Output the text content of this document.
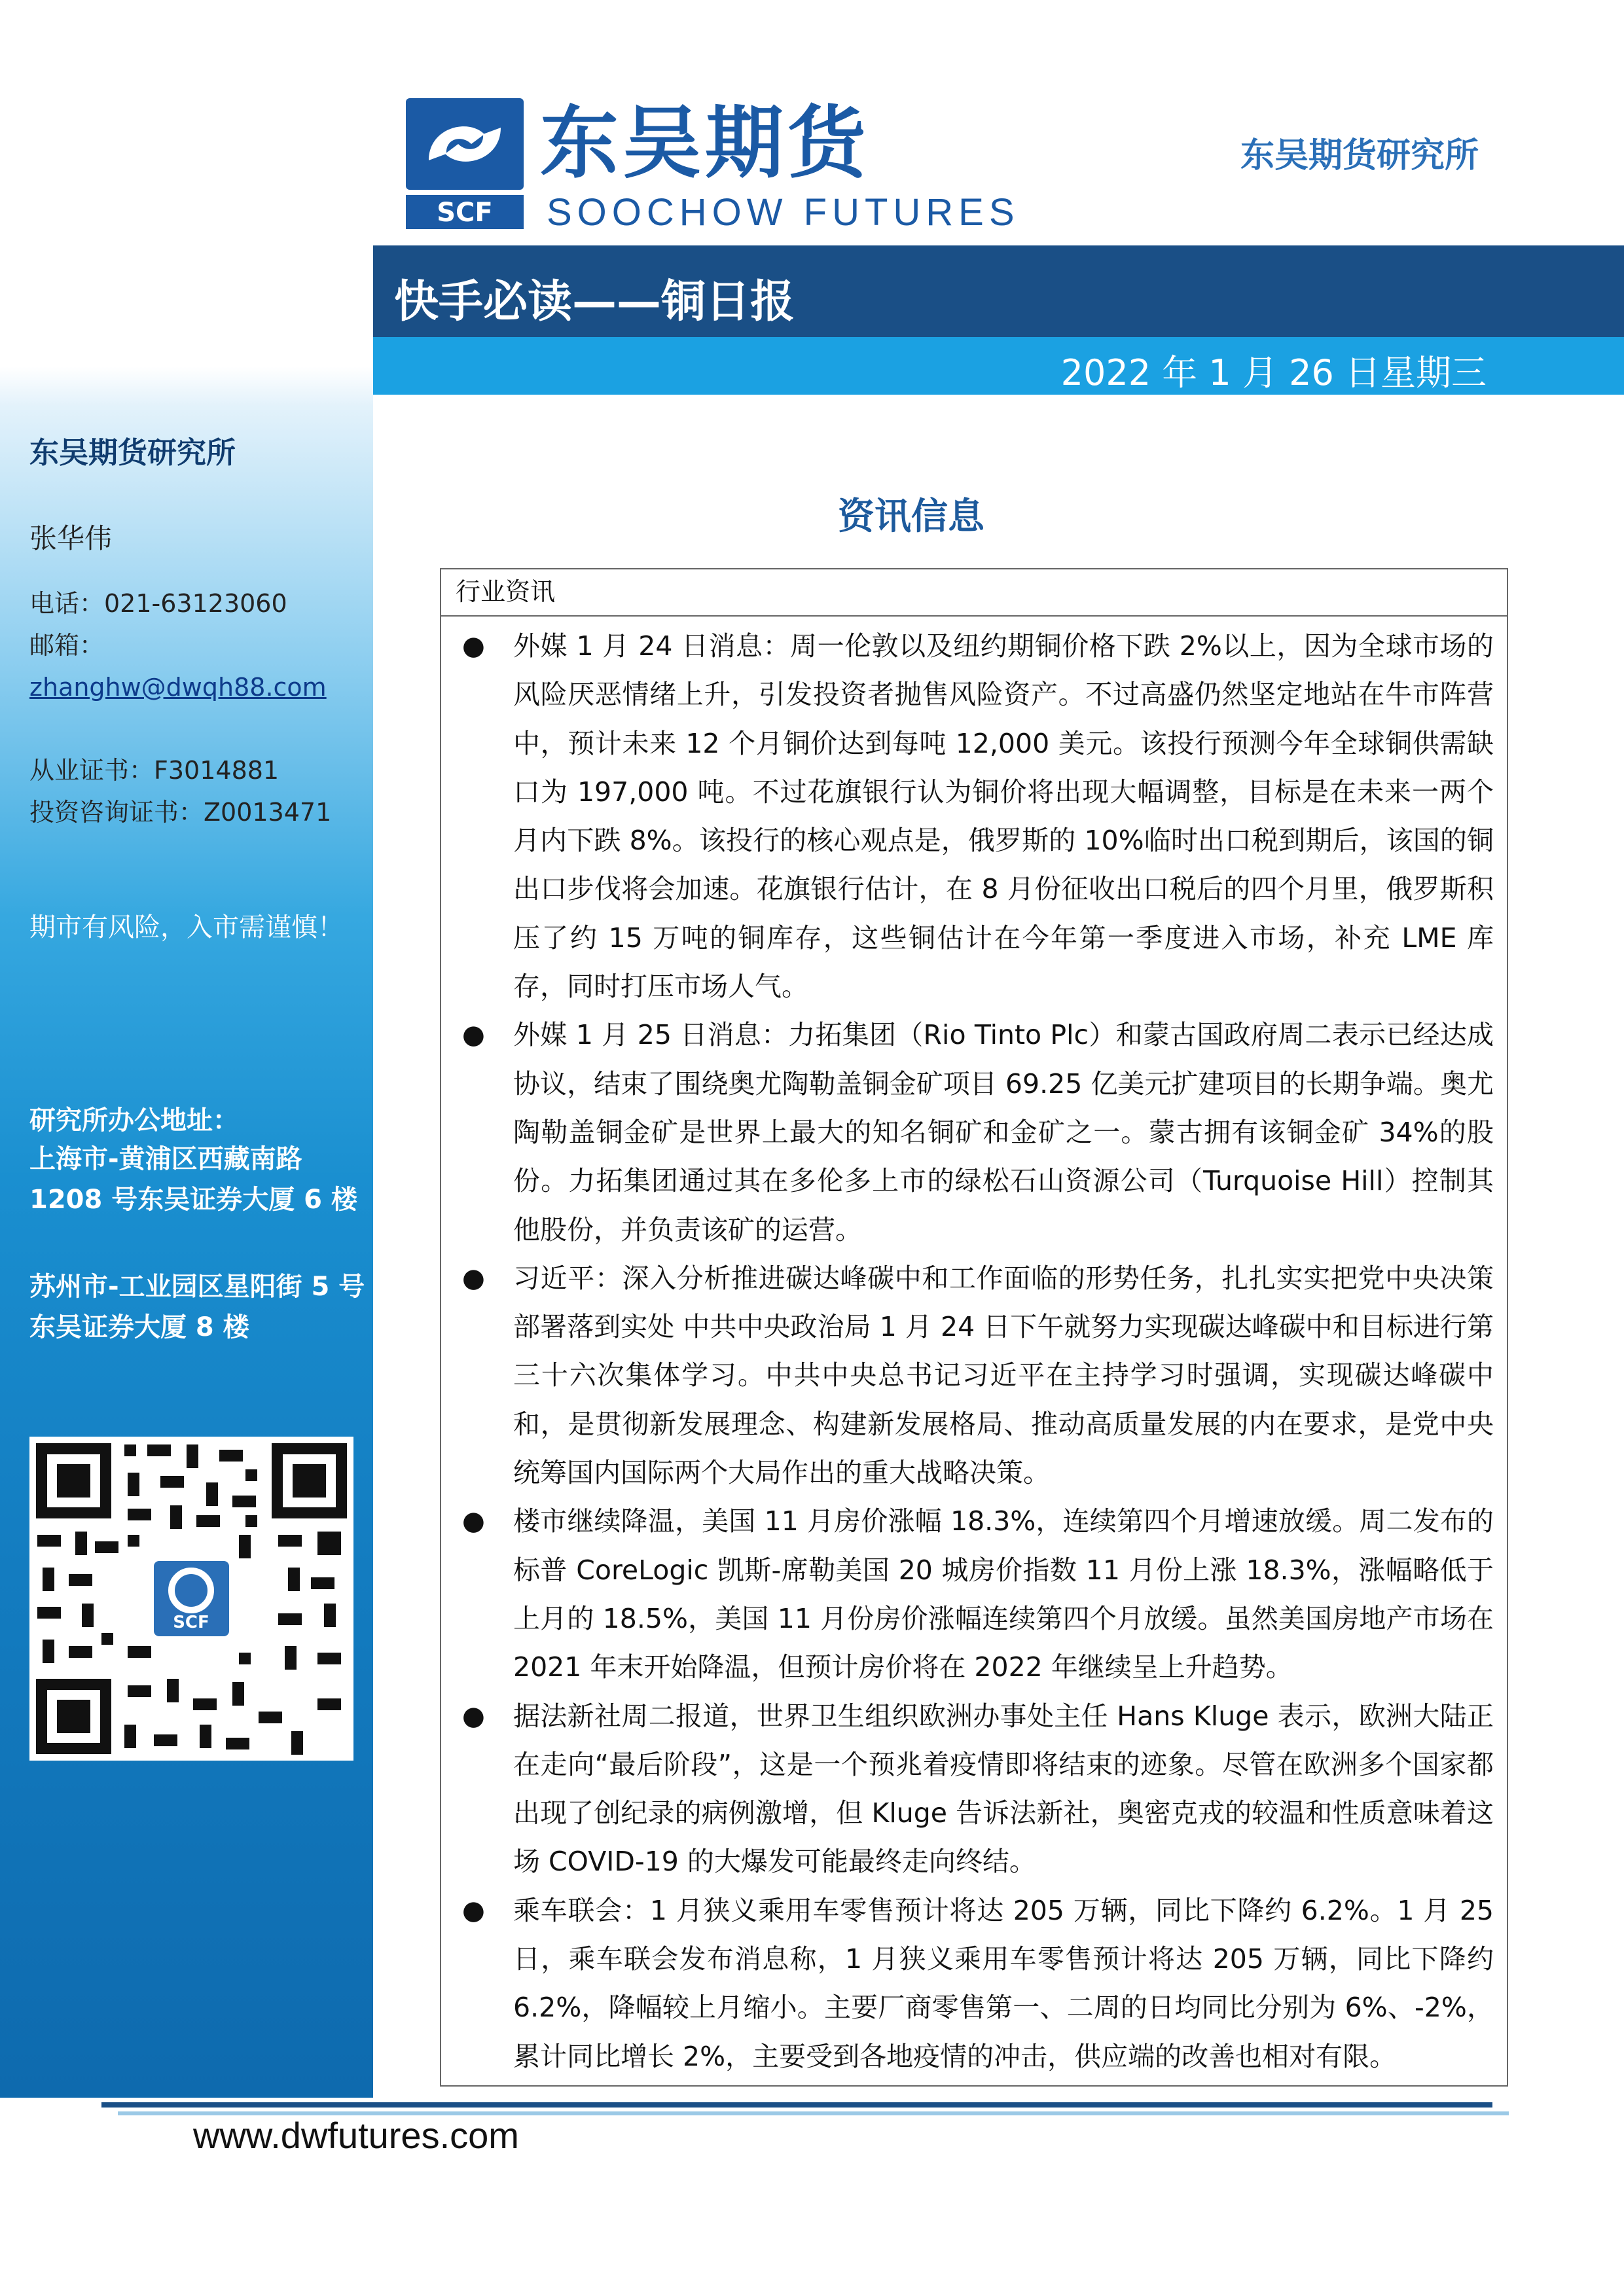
东吴期货研究所
张华伟
电话：021-63123060
邮箱：
zhanghw@dwqh88.com
从业证书：F3014881
投资咨询证书：Z0013471
期市有风险，入市需谨慎！
研究所办公地址：
上海市-黄浦区西藏南路1208 号东吴证券大厦 6 楼
苏州市-工业园区星阳街 5 号东吴证券大厦 8 楼
SCF
SCF
东吴期货
SOOCHOW FUTURES
东吴期货研究所
快手必读——铜日报
2022 年 1 月 26 日星期三
资讯信息
行业资讯
● 外媒 1 月 24 日消息：周一伦敦以及纽约期铜价格下跌 2%以上，因为全球市场的风险厌恶情绪上升，引发投资者抛售风险资产。不过高盛仍然坚定地站在牛市阵营中，预计未来 12 个月铜价达到每吨 12,000 美元。该投行预测今年全球铜供需缺口为 197,000 吨。不过花旗银行认为铜价将出现大幅调整，目标是在未来一两个月内下跌 8%。该投行的核心观点是，俄罗斯的 10%临时出口税到期后，该国的铜出口步伐将会加速。花旗银行估计，在 8 月份征收出口税后的四个月里，俄罗斯积压了约 15 万吨的铜库存，这些铜估计在今年第一季度进入市场，补充 LME 库存，同时打压市场人气。
● 外媒 1 月 25 日消息：力拓集团（Rio Tinto Plc）和蒙古国政府周二表示已经达成协议，结束了围绕奥尤陶勒盖铜金矿项目 69.25 亿美元扩建项目的长期争端。奥尤陶勒盖铜金矿是世界上最大的知名铜矿和金矿之一。蒙古拥有该铜金矿 34%的股份。力拓集团通过其在多伦多上市的绿松石山资源公司（Turquoise Hill）控制其他股份，并负责该矿的运营。
● 习近平：深入分析推进碳达峰碳中和工作面临的形势任务，扎扎实实把党中央决策部署落到实处 中共中央政治局 1 月 24 日下午就努力实现碳达峰碳中和目标进行第三十六次集体学习。中共中央总书记习近平在主持学习时强调，实现碳达峰碳中和，是贯彻新发展理念、构建新发展格局、推动高质量发展的内在要求，是党中央统筹国内国际两个大局作出的重大战略决策。
● 楼市继续降温，美国 11 月房价涨幅 18.3%，连续第四个月增速放缓。周二发布的标普 CoreLogic 凯斯-席勒美国 20 城房价指数 11 月份上涨 18.3%，涨幅略低于上月的 18.5%，美国 11 月份房价涨幅连续第四个月放缓。虽然美国房地产市场在 2021 年末开始降温，但预计房价将在 2022 年继续呈上升趋势。
● 据法新社周二报道，世界卫生组织欧洲办事处主任 Hans Kluge 表示，欧洲大陆正在走向“最后阶段”，这是一个预兆着疫情即将结束的迹象。尽管在欧洲多个国家都出现了创纪录的病例激增，但 Kluge 告诉法新社，奥密克戎的较温和性质意味着这场 COVID-19 的大爆发可能最终走向终结。
● 乘车联会：1 月狭义乘用车零售预计将达 205 万辆，同比下降约 6.2%。1 月 25 日，乘车联会发布消息称，1 月狭义乘用车零售预计将达 205 万辆，同比下降约 6.2%，降幅较上月缩小。主要厂商零售第一、二周的日均同比分别为 6%、-2%，累计同比增长 2%，主要受到各地疫情的冲击，供应端的改善也相对有限。
www.dwfutures.com
